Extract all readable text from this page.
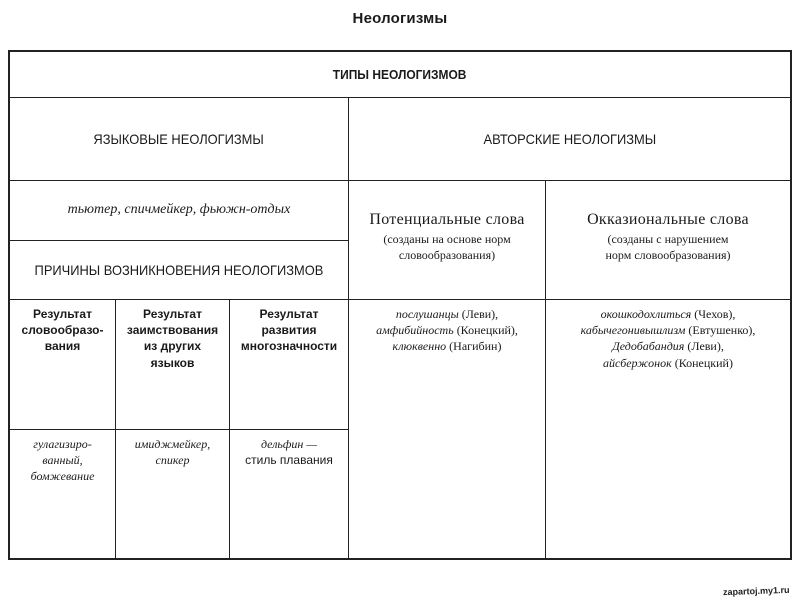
Неологизмы
ТИПЫ НЕОЛОГИЗМОВ
ЯЗЫКОВЫЕ НЕОЛОГИЗМЫ	АВТОРСКИЕ НЕОЛОГИЗМЫ
тьютер, спичмейкер, фьюжн-отдых
ПРИЧИНЫ ВОЗНИКНОВЕНИЯ НЕОЛОГИЗМОВ
Потенциальные слова
(созданы на основе норм
словообразования)
Окказиональные слова
(созданы с нарушением
норм словообразования)
Результат
словообразо-
вания
Результат
заимствования
из других
языков
Результат
развития
многозначности
гулагизиро-
ванный,
бомжевание
имиджмейкер,
спикер
дельфин —
стиль плавания
послушанцы (Леви),
амфибийность (Конецкий),
клюквенно (Нагибин)
окошкодохлиться (Чехов),
кабычегонивышлизм (Евтушенко),
Дедобабандия (Леви),
айсбержонок (Конецкий)
zapartoj.my1.ru
